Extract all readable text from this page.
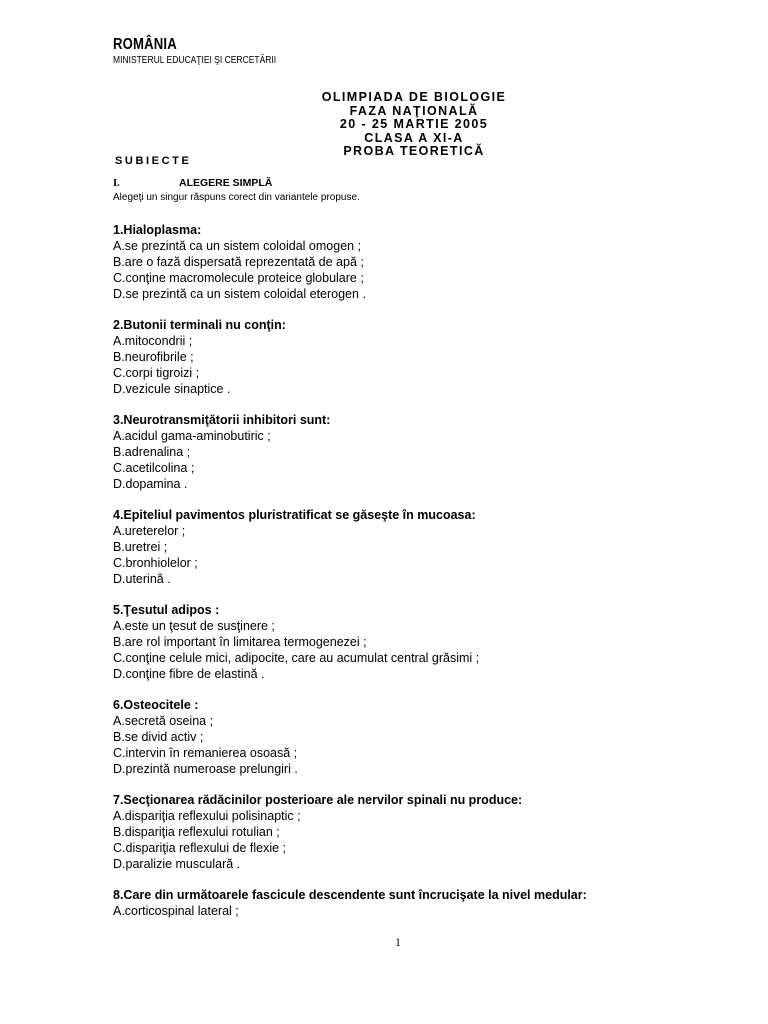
ROMÂNIA
MINISTERUL EDUCAŢIEI ŞI CERCETĂRII
OLIMPIADA DE BIOLOGIE
FAZA NAŢIONALĂ
20 - 25 MARTIE 2005
CLASA A XI-A
PROBA TEORETICĂ
SUBIECTE
I.	ALEGERE SIMPLĂ
Alegeţi un singur răspuns corect din variantele propuse.
1.Hialoplasma:
A.se prezintă ca un sistem coloidal omogen ;
B.are o fază dispersată reprezentată de apă ;
C.conţine macromolecule proteice globulare ;
D.se prezintă ca un sistem coloidal eterogen .
2.Butonii terminali nu conţin:
A.mitocondrii ;
B.neurofibrile ;
C.corpi tigroizi ;
D.vezicule sinaptice .
3.Neurotransmiţătorii inhibitori sunt:
A.acidul gama-aminobutiric ;
B.adrenalina ;
C.acetilcolina ;
D.dopamina .
4.Epiteliul pavimentos pluristratificat se găseşte în mucoasa:
A.ureterelor ;
B.uretrei ;
C.bronhiolelor ;
D.uterină .
5.Ţesutul adipos :
A.este un ţesut de susţinere ;
B.are rol important în limitarea termogenezei ;
C.conţine celule mici, adipocite, care au acumulat central grăsimi ;
D.conţine fibre de elastină .
6.Osteocitele :
A.secretă oseina ;
B.se divid activ ;
C.intervin în remanierea osoasă ;
D.prezintă numeroase prelungiri .
7.Secţionarea rădăcinilor posterioare ale nervilor spinali nu produce:
A.dispariţia reflexului polisinaptic ;
B.dispariţia reflexului rotulian ;
C.dispariţia reflexului de flexie ;
D.paralizie musculară .
8.Care din următoarele fascicule descendente sunt încrucişate la nivel medular:
A.corticospinal lateral ;
1
